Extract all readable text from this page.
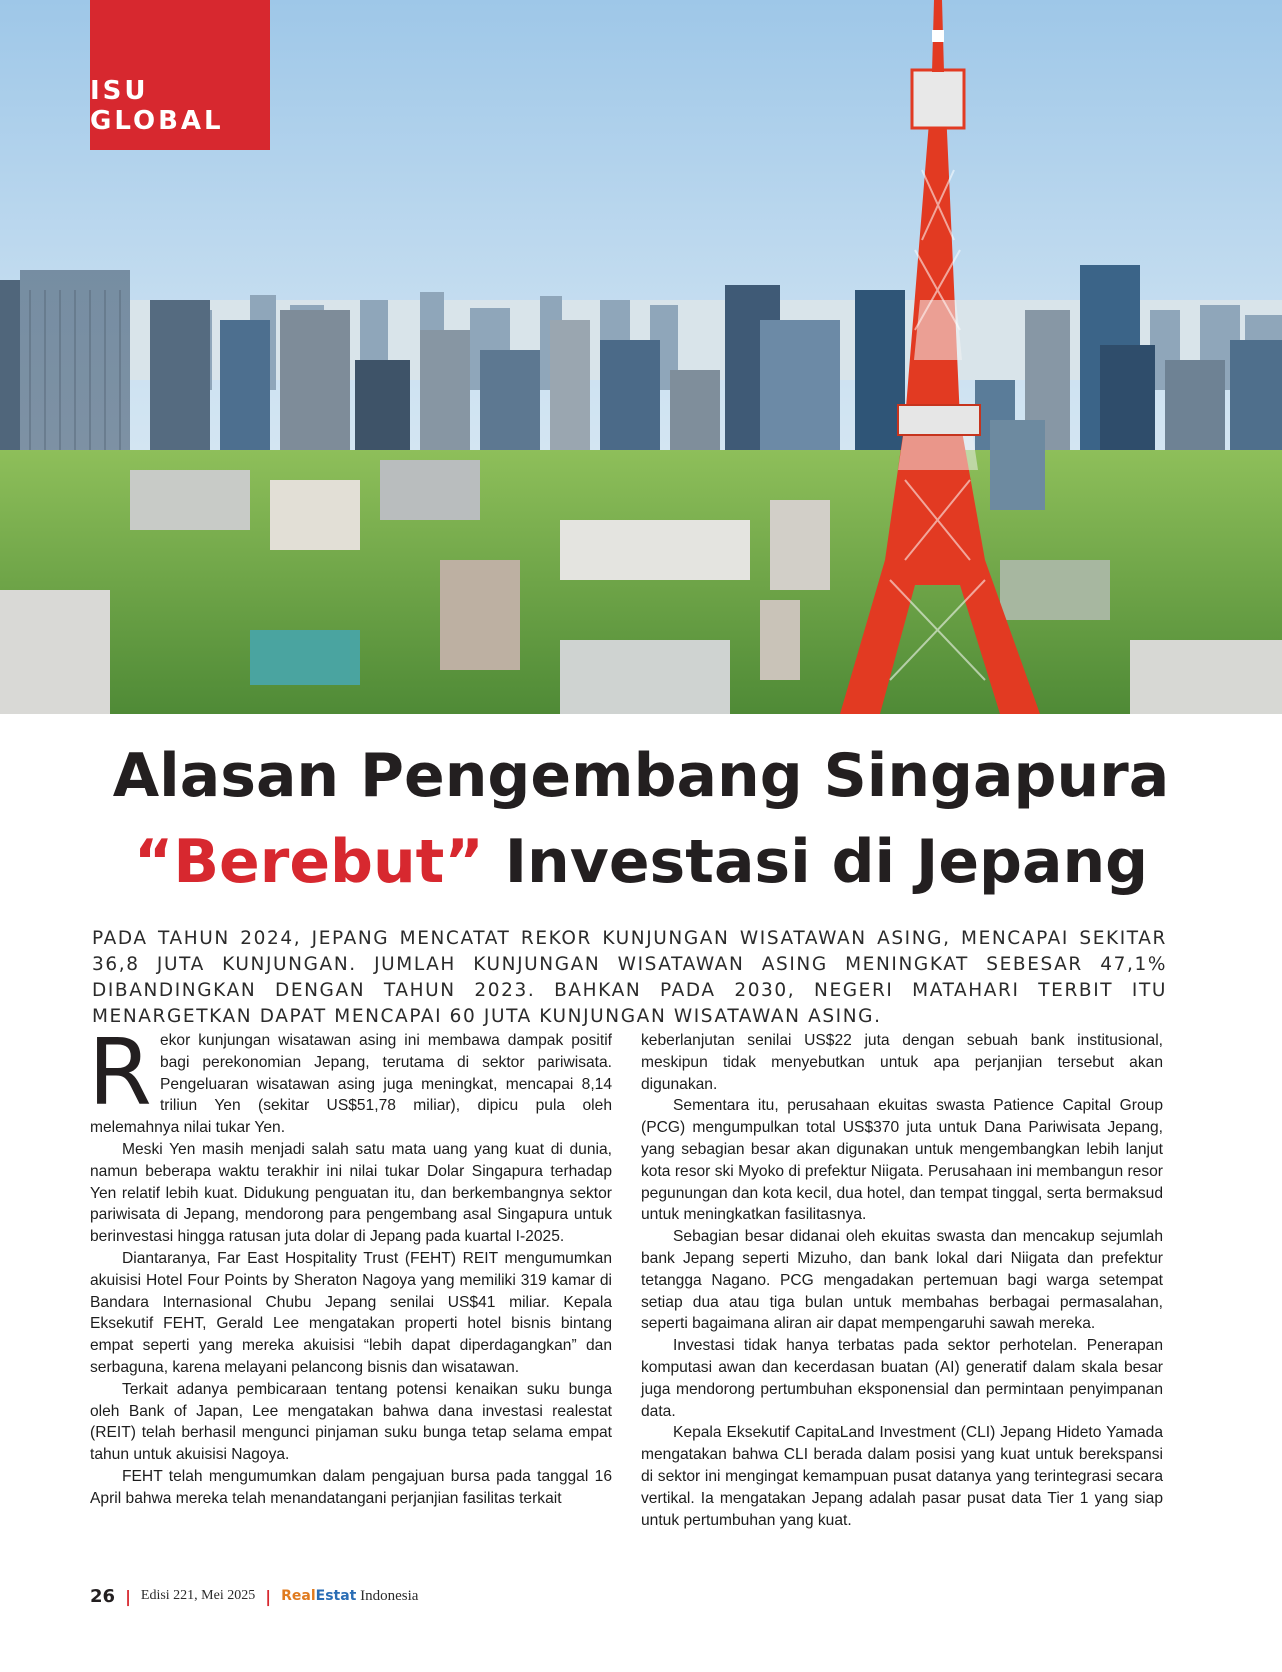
ISU GLOBAL
Alasan Pengembang Singapura
“Berebut” Investasi di Jepang

PADA TAHUN 2024, JEPANG MENCATAT REKOR KUNJUNGAN WISATAWAN ASING, MENCAPAI SEKITAR 36,8 JUTA KUNJUNGAN. JUMLAH KUNJUNGAN WISATAWAN ASING MENINGKAT SEBESAR 47,1% DIBANDINGKAN DENGAN TAHUN 2023. BAHKAN PADA 2030, NEGERI MATAHARI TERBIT ITU MENARGETKAN DAPAT MENCAPAI 60 JUTA KUNJUNGAN WISATAWAN ASING.

Rekor kunjungan wisatawan asing ini membawa dampak positif bagi perekonomian Jepang, terutama di sektor pariwisata. Pengeluaran wisatawan asing juga meningkat, mencapai 8,14 triliun Yen (sekitar US$51,78 miliar), dipicu pula oleh melemahnya nilai tukar Yen.

Meski Yen masih menjadi salah satu mata uang yang kuat di dunia, namun beberapa waktu terakhir ini nilai tukar Dolar Singapura terhadap Yen relatif lebih kuat. Didukung penguatan itu, dan berkembangnya sektor pariwisata di Jepang, mendorong para pengembang asal Singapura untuk berinvestasi hingga ratusan juta dolar di Jepang pada kuartal I-2025.

Diantaranya, Far East Hospitality Trust (FEHT) REIT mengumumkan akuisisi Hotel Four Points by Sheraton Nagoya yang memiliki 319 kamar di Bandara Internasional Chubu Jepang senilai US$41 miliar. Kepala Eksekutif FEHT, Gerald Lee mengatakan properti hotel bisnis bintang empat seperti yang mereka akuisisi “lebih dapat diperdagangkan” dan serbaguna, karena melayani pelancong bisnis dan wisatawan.

Terkait adanya pembicaraan tentang potensi kenaikan suku bunga oleh Bank of Japan, Lee mengatakan bahwa dana investasi realestat (REIT) telah berhasil mengunci pinjaman suku bunga tetap selama empat tahun untuk akuisisi Nagoya.

FEHT telah mengumumkan dalam pengajuan bursa pada tanggal 16 April bahwa mereka telah menandatangani perjanjian fasilitas terkait

keberlanjutan senilai US$22 juta dengan sebuah bank institusional, meskipun tidak menyebutkan untuk apa perjanjian tersebut akan digunakan.

Sementara itu, perusahaan ekuitas swasta Patience Capital Group (PCG) mengumpulkan total US$370 juta untuk Dana Pariwisata Jepang, yang sebagian besar akan digunakan untuk mengembangkan lebih lanjut kota resor ski Myoko di prefektur Niigata. Perusahaan ini membangun resor pegunungan dan kota kecil, dua hotel, dan tempat tinggal, serta bermaksud untuk meningkatkan fasilitasnya.

Sebagian besar didanai oleh ekuitas swasta dan mencakup sejumlah bank Jepang seperti Mizuho, dan bank lokal dari Niigata dan prefektur tetangga Nagano. PCG mengadakan pertemuan bagi warga setempat setiap dua atau tiga bulan untuk membahas berbagai permasalahan, seperti bagaimana aliran air dapat mempengaruhi sawah mereka.

Investasi tidak hanya terbatas pada sektor perhotelan. Penerapan komputasi awan dan kecerdasan buatan (AI) generatif dalam skala besar juga mendorong pertumbuhan eksponensial dan permintaan penyimpanan data.

Kepala Eksekutif CapitaLand Investment (CLI) Jepang Hideto Yamada mengatakan bahwa CLI berada dalam posisi yang kuat untuk berekspansi di sektor ini mengingat kemampuan pusat datanya yang terintegrasi secara vertikal. Ia mengatakan Jepang adalah pasar pusat data Tier 1 yang siap untuk pertumbuhan yang kuat.

26 | Edisi 221, Mei 2025 | RealEstat Indonesia
